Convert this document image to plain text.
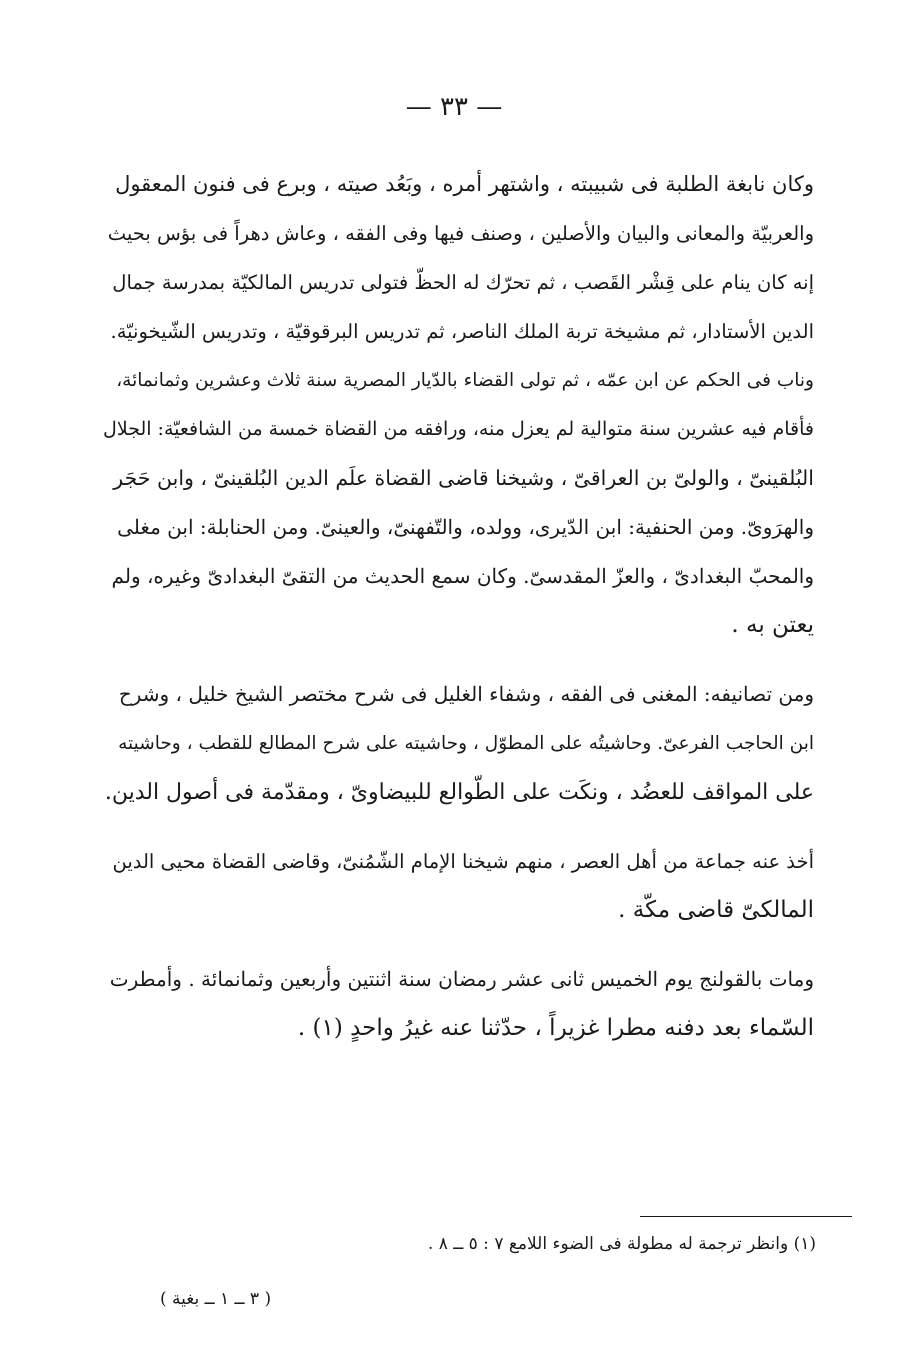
— ٣٣ —

وكان نابغة الطلبة فى شبيبته ، واشتهر أمره ، وبَعُد صيته ، وبرع فى فنون المعقول
والعربيّة والمعانى والبيان والأصلين ، وصنف فيها وفى الفقه ، وعاش دهراً فى بؤس بحيث
إنه كان ينام على قِشْر القَصب ، ثم تحرّك له الحظّ فتولى تدريس المالكيّة بمدرسة جمال
الدين الأستادار، ثم مشيخة تربة الملك الناصر، ثم تدريس البرقوقيّة ، وتدريس الشّيخونيّة.
وناب فى الحكم عن ابن عمّه ، ثم تولى القضاء بالدّيار المصرية سنة ثلاث وعشرين وثمانمائة،
فأقام فيه عشرين سنة متوالية لم يعزل منه، ورافقه من القضاة خمسة من الشافعيّة: الجلال
البُلقينىّ ، والولىّ بن العراقىّ ، وشيخنا قاضى القضاة علَم الدين البُلقينىّ ، وابن حَجَر
والهرَوىّ. ومن الحنفية: ابن الدّيرى، وولده، والتّفهنىّ، والعينىّ. ومن الحنابلة: ابن مغلى
والمحبّ البغدادىّ ، والعزّ المقدسىّ. وكان سمع الحديث من التقىّ البغدادىّ وغيره، ولم
يعتن به .

ومن تصانيفه: المغنى فى الفقه ، وشفاء الغليل فى شرح مختصر الشيخ خليل ، وشرح
ابن الحاجب الفرعىّ. وحاشيتُه على المطوّل ، وحاشيته على شرح المطالع للقطب ، وحاشيته
على المواقف للعضُد ، ونكَت على الطّوالع للبيضاوىّ ، ومقدّمة فى أصول الدين.

أخذ عنه جماعة من أهل العصر ، منهم شيخنا الإمام الشّمُنىّ، وقاضى القضاة محيى الدين
المالكىّ قاضى مكّة .

ومات بالقولنج يوم الخميس ثانى عشر رمضان سنة اثنتين وأربعين وثمانمائة . وأمطرت
السّماء بعد دفنه مطرا غزيراً ، حدّثنا عنه غيرُ واحدٍ (١) .

(١) وانظر ترجمة له مطولة فى الضوء اللامع ٧ : ٥ ــ ٨ .
( ٣ ــ ١ ــ بغية )
